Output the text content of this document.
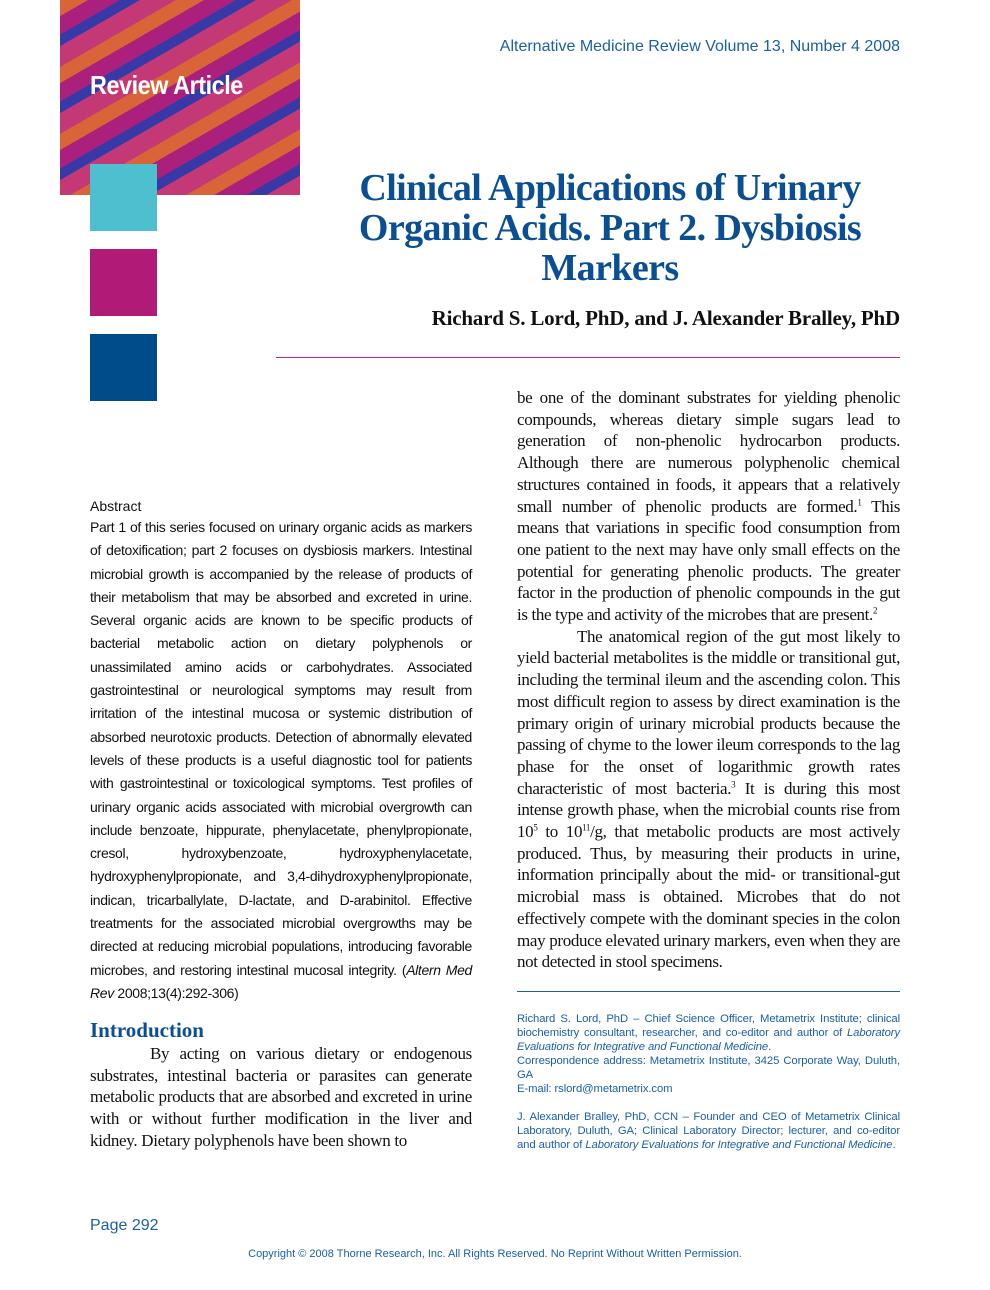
Review Article
Alternative Medicine Review Volume 13, Number 4 2008
Clinical Applications of Urinary Organic Acids. Part 2. Dysbiosis Markers
Richard S. Lord, PhD, and J. Alexander Bralley, PhD
Abstract
Part 1 of this series focused on urinary organic acids as markers of detoxification; part 2 focuses on dysbiosis markers. Intestinal microbial growth is accompanied by the release of products of their metabolism that may be absorbed and excreted in urine. Several organic acids are known to be specific products of bacterial metabolic action on dietary polyphenols or unassimilated amino acids or carbohydrates. Associated gastrointestinal or neurological symptoms may result from irritation of the intestinal mucosa or systemic distribution of absorbed neurotoxic products. Detection of abnormally elevated levels of these products is a useful diagnostic tool for patients with gastrointestinal or toxicological symptoms. Test profiles of urinary organic acids associated with microbial overgrowth can include benzoate, hippurate, phenylacetate, phenylpropionate, cresol, hydroxybenzoate, hydroxyphenylacetate, hydroxyphenylpropionate, and 3,4-dihydroxyphenylpropionate, indican, tricarballylate, D-lactate, and D-arabinitol. Effective treatments for the associated microbial overgrowths may be directed at reducing microbial populations, introducing favorable microbes, and restoring intestinal mucosal integrity. (Altern Med Rev 2008;13(4):292-306)
Introduction
By acting on various dietary or endogenous substrates, intestinal bacteria or parasites can generate metabolic products that are absorbed and excreted in urine with or without further modification in the liver and kidney. Dietary polyphenols have been shown to

be one of the dominant substrates for yielding phenolic compounds, whereas dietary simple sugars lead to generation of non-phenolic hydrocarbon products. Although there are numerous polyphenolic chemical structures contained in foods, it appears that a relatively small number of phenolic products are formed.$^1$ This means that variations in specific food consumption from one patient to the next may have only small effects on the potential for generating phenolic products. The greater factor in the production of phenolic compounds in the gut is the type and activity of the microbes that are present.$^2$

The anatomical region of the gut most likely to yield bacterial metabolites is the middle or transitional gut, including the terminal ileum and the ascending colon. This most difficult region to assess by direct examination is the primary origin of urinary microbial products because the passing of chyme to the lower ileum corresponds to the lag phase for the onset of logarithmic growth rates characteristic of most bacteria.$^3$ It is during this most intense growth phase, when the microbial counts rise from $10^5$ to $10^{11}/g$, that metabolic products are most actively produced. Thus, by measuring their products in urine, information principally about the mid- or transitional-gut microbial mass is obtained. Microbes that do not effectively compete with the dominant species in the colon may produce elevated urinary markers, even when they are not detected in stool specimens.

Richard S. Lord, PhD – Chief Science Officer, Metametrix Institute; clinical biochemistry consultant, researcher, and co-editor and author of Laboratory Evaluations for Integrative and Functional Medicine.
Correspondence address: Metametrix Institute, 3425 Corporate Way, Duluth, GA
E-mail: rslord@metametrix.com
J. Alexander Bralley, PhD, CCN – Founder and CEO of Metametrix Clinical Laboratory, Duluth, GA; Clinical Laboratory Director; lecturer, and co-editor and author of Laboratory Evaluations for Integrative and Functional Medicine.
Page 292
Copyright © 2008 Thorne Research, Inc. All Rights Reserved. No Reprint Without Written Permission.
